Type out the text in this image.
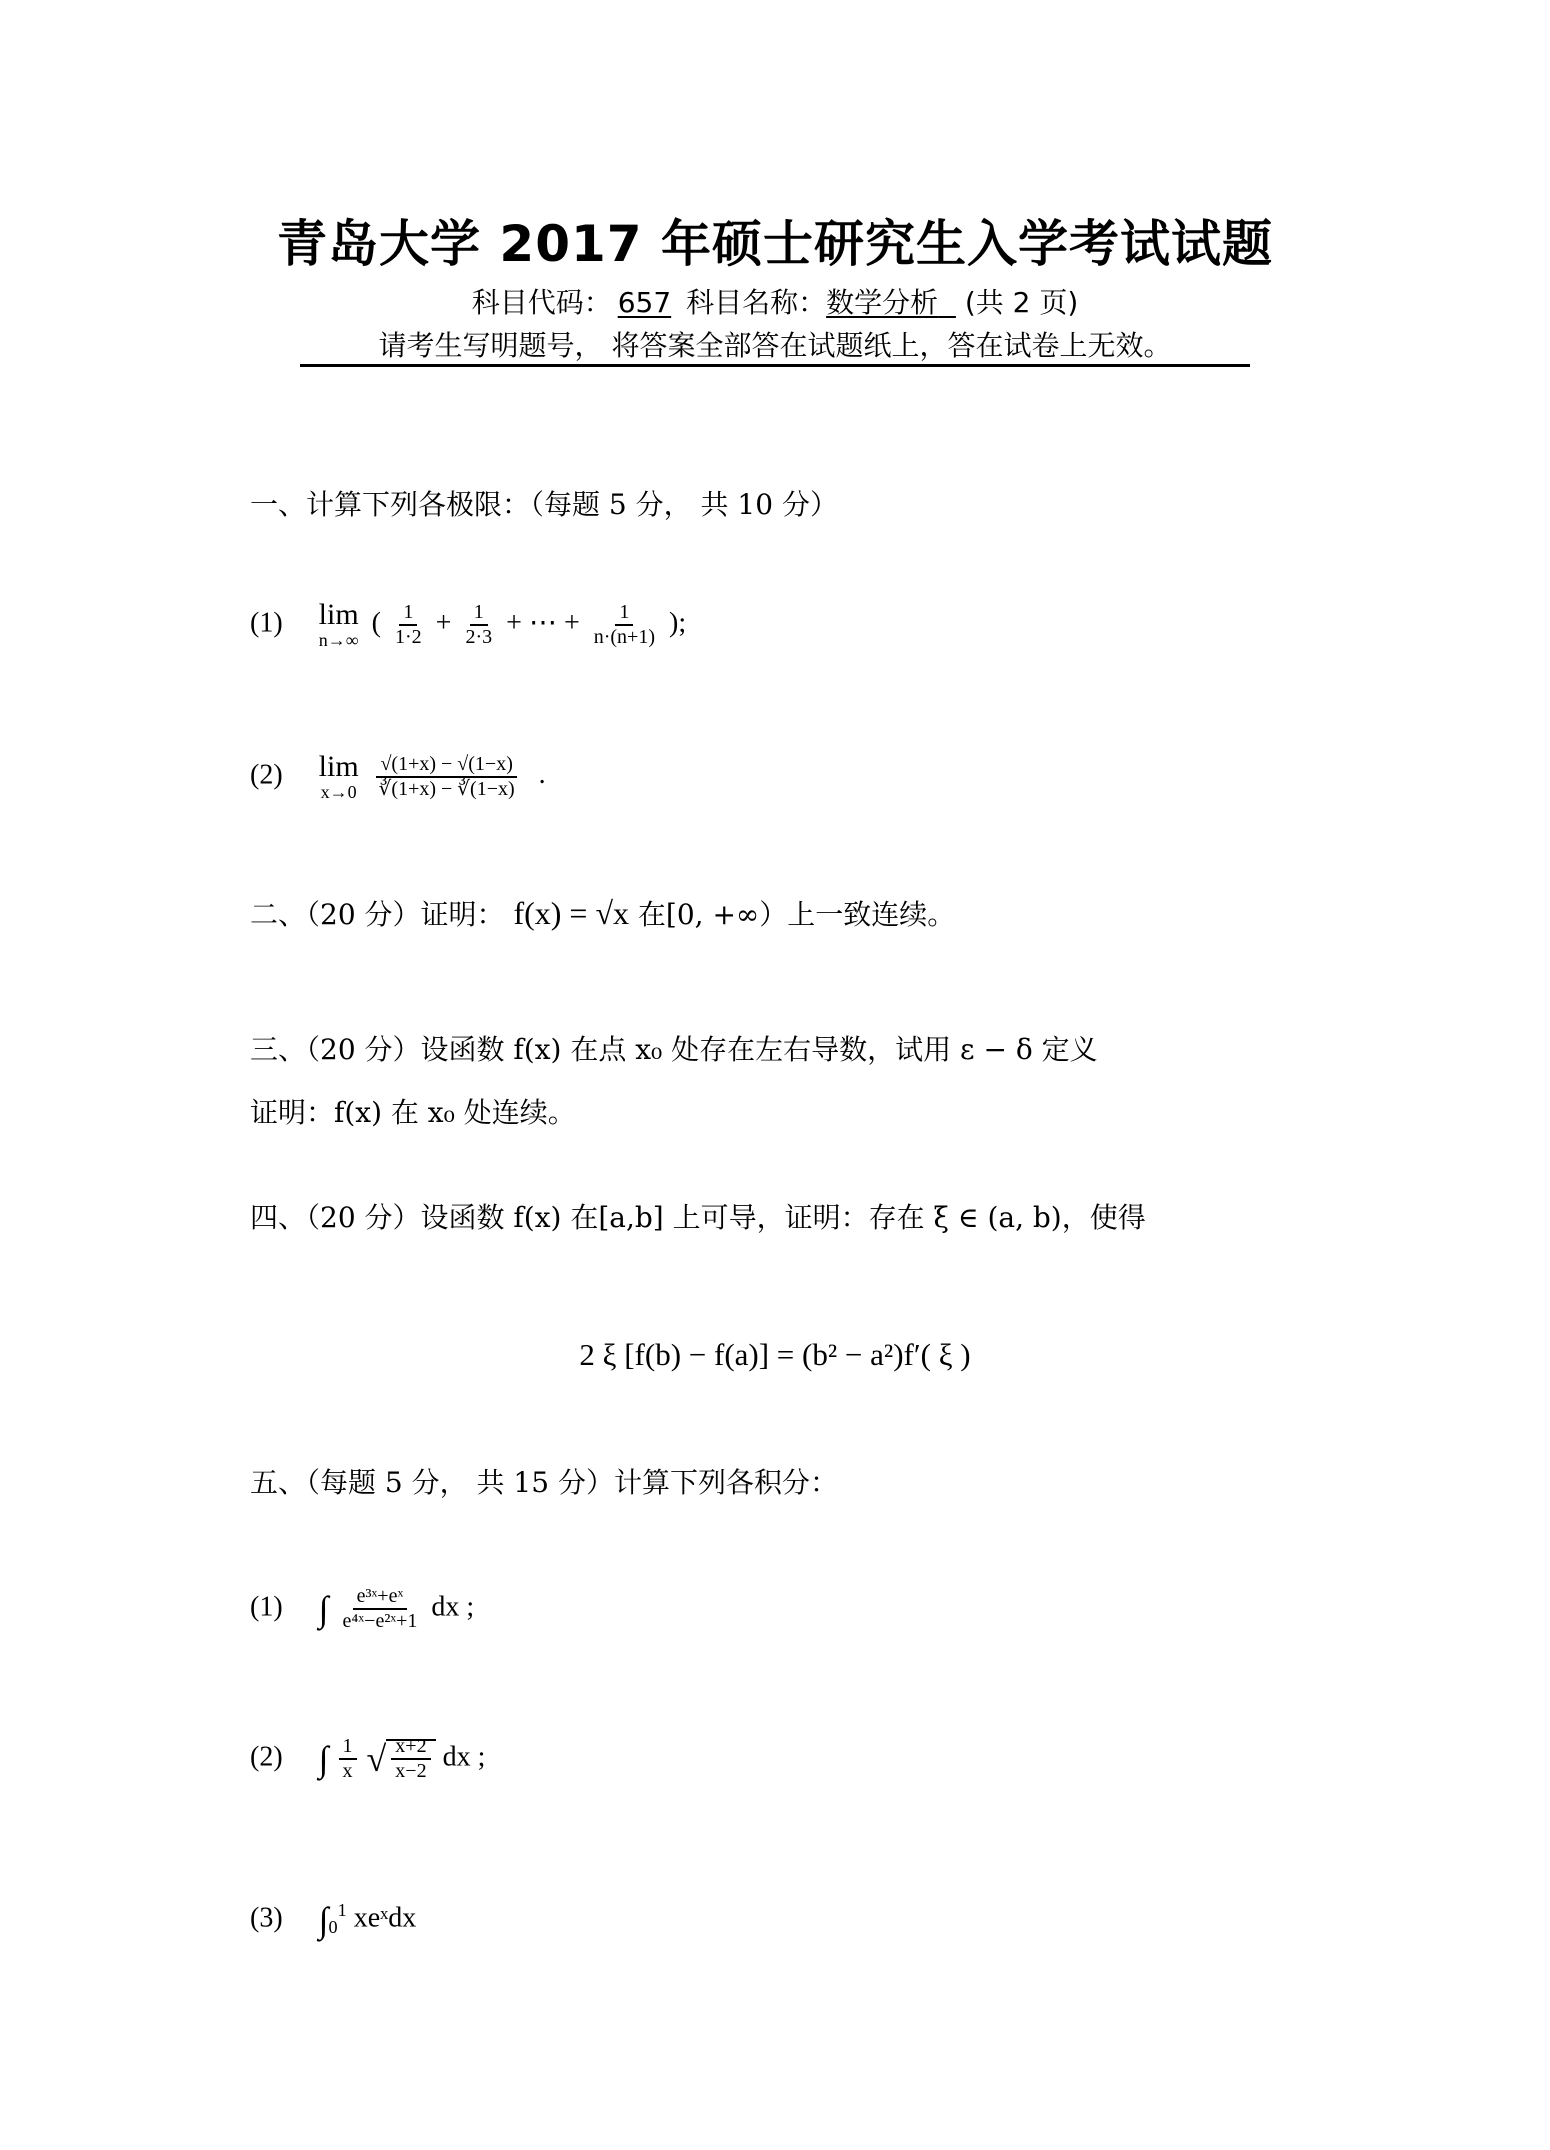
青岛大学 2017 年硕士研究生入学考试试题
科目代码： 657 科目名称：数学分析 (共 2 页)
请考生写明题号， 将答案全部答在试题纸上，答在试卷上无效。
一、计算下列各极限：（每题 5 分， 共 10 分）
(1) lim
n→∞
( $\frac{1}{1\cdot 2} + \frac{1}{2\cdot 3}$ + ⋯ + $\frac{1}{n\cdot(n+1)}$ );
(2) lim
x→0
$\frac{√(1+x) - √(1-x)}{∛(1+x) - ∛(1-x)}$ .
二、（20 分）证明： f(x) = √x 在[0, +∞）上一致连续。
三、（20 分）设函数 f(x) 在点 x₀ 处存在左右导数，试用 ε − δ 定义
证明：f(x) 在 x₀ 处连续。
四、（20 分）设函数 f(x) 在[a,b] 上可导，证明：存在 ξ ∈ (a, b)，使得
2 ξ [f(b) − f(a)] = (b² − a²)f′( ξ )
五、（每题 5 分， 共 15 分）计算下列各积分：
(1) ∫ $\frac{\text{e³ˣ+eˣ}}{\text{e⁴ˣ−e²ˣ+1}}$ dx ;
(2) ∫ $\frac{1}{x}$ √ $\frac{x+2}{x-2}$ dx ;
(3) $\int_0^1$ xeˣdx
